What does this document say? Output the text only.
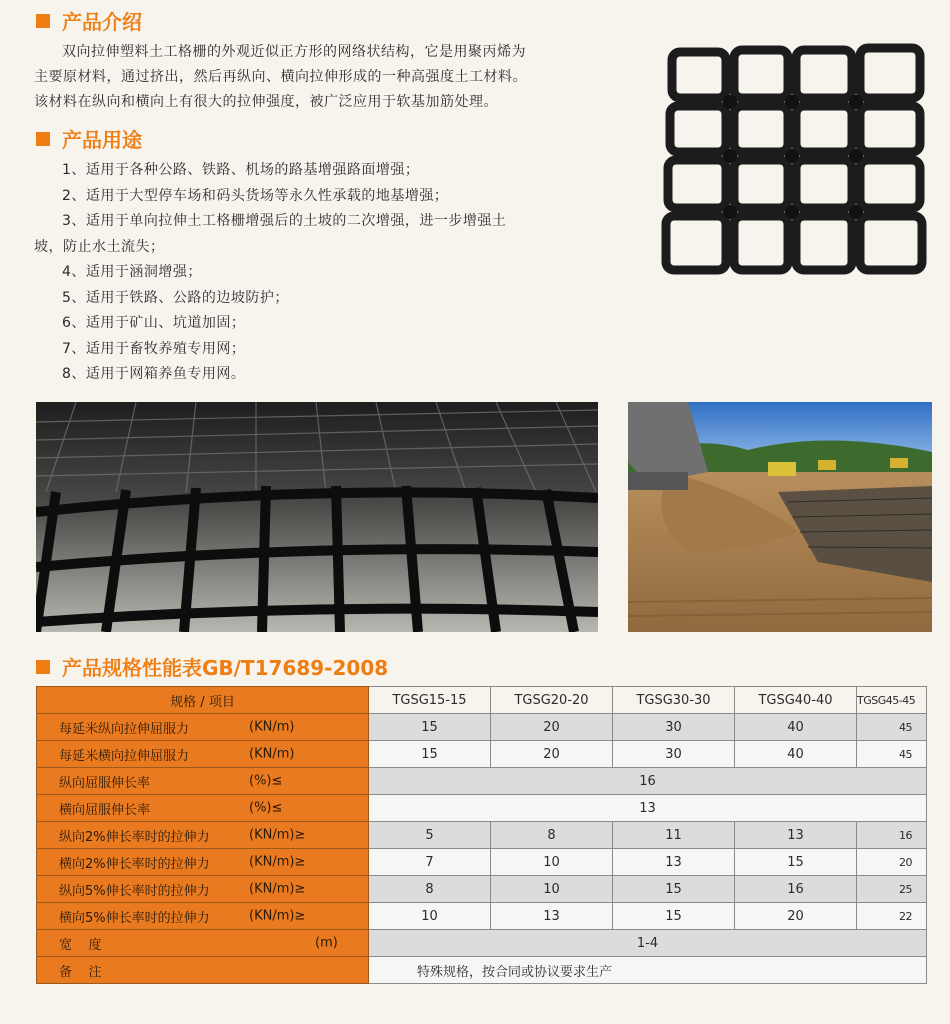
产品介绍
双向拉伸塑料土工格栅的外观近似正方形的网络状结构，它是用聚丙烯为
主要原材料，通过挤出，然后再纵向、横向拉伸形成的一种高强度土工材料。
该材料在纵向和横向上有很大的拉伸强度，被广泛应用于软基加筋处理。
产品用途
1、适用于各种公路、铁路、机场的路基增强路面增强；
2、适用于大型停车场和码头货场等永久性承载的地基增强；
3、适用于单向拉伸土工格栅增强后的土坡的二次增强，进一步增强土
坡，防止水土流失；
4、适用于涵洞增强；
5、适用于铁路、公路的边坡防护；
6、适用于矿山、坑道加固；
7、适用于畜牧养殖专用网；
8、适用于网箱养鱼专用网。
产品规格性能表GB/T17689-2008
规格 / 项目	TGSG15-15	TGSG20-20	TGSG30-30	TGSG40-40	TGSG45-45
每延米纵向拉伸屈服力 (KN/m)	15	20	30	40	45
每延米横向拉伸屈服力 (KN/m)	15	20	30	40	45
纵向屈服伸长率 (%)≤	16				
横向屈服伸长率 (%)≤	13				
纵向2%伸长率时的拉伸力 (KN/m)≥	5	8	11	13	16
横向2%伸长率时的拉伸力 (KN/m)≥	7	10	13	15	20
纵向5%伸长率时的拉伸力 (KN/m)≥	8	10	15	16	25
横向5%伸长率时的拉伸力 (KN/m)≥	10	13	15	20	22
宽    度 (m)	1-4				
备    注	特殊规格，按合同或协议要求生产				
